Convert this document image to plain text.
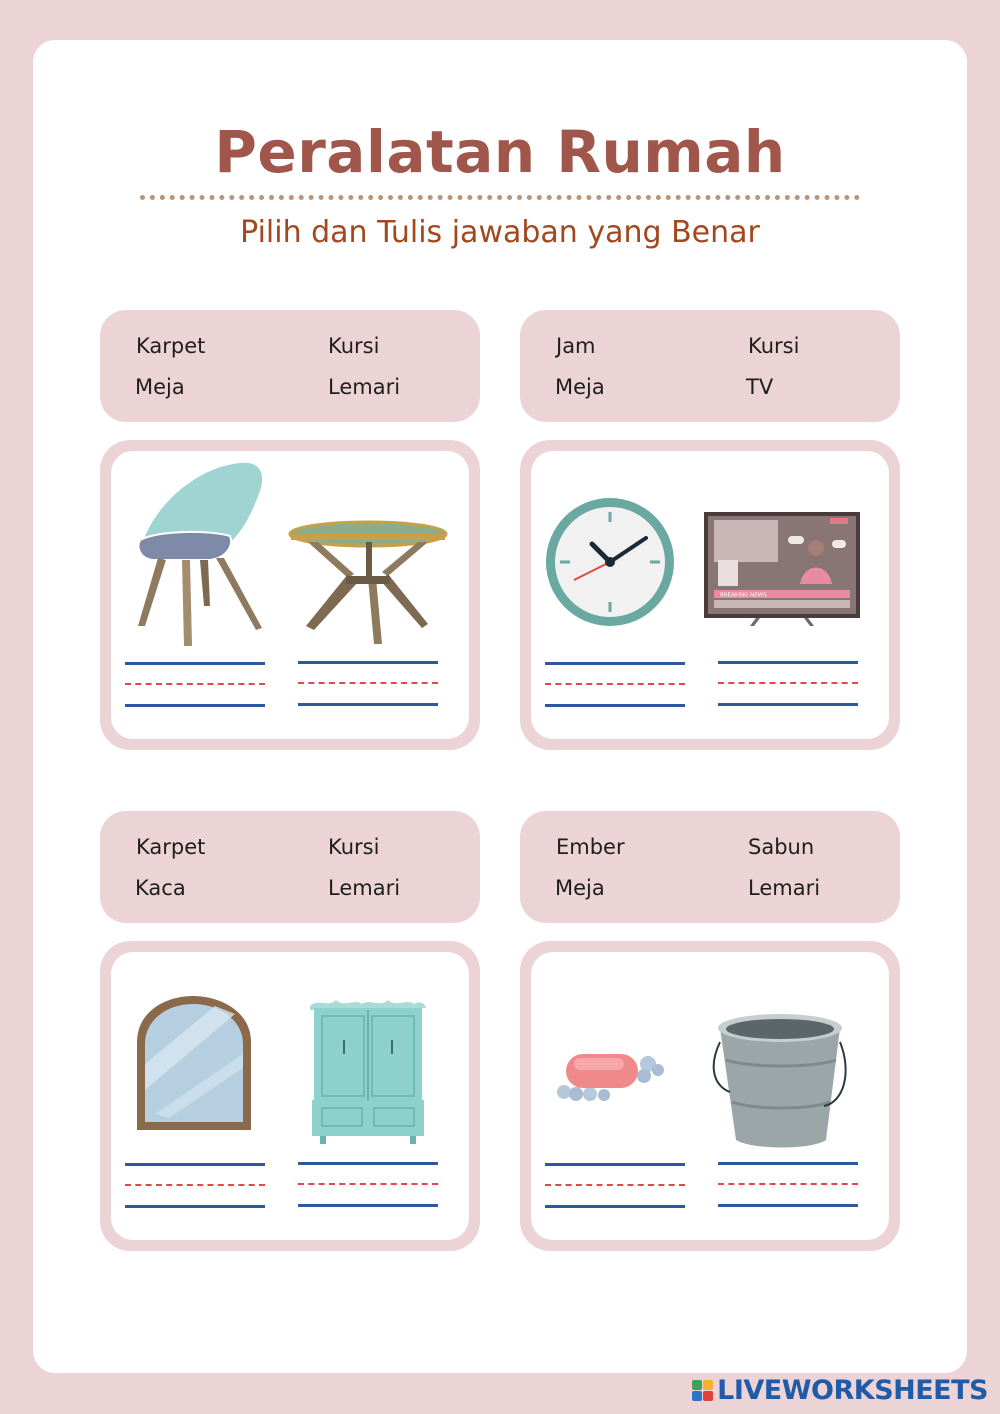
Peralatan Rumah
Pilih dan Tulis jawaban yang Benar
Karpet	Kursi
Meja	Lemari
Jam	Kursi
Meja	TV
BREAKING NEWS
Karpet	Kursi
Kaca	Lemari
Ember	Sabun
Meja	Lemari
LIVEWORKSHEETS
